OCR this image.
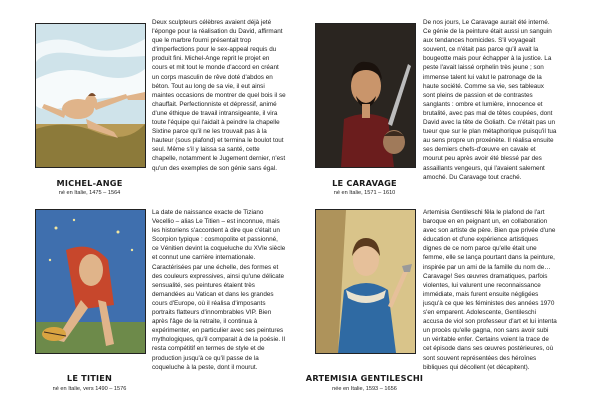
MICHEL-ANGE
né en Italie, 1475 – 1564

Deux sculpteurs célèbres avaient déjà jeté l'éponge pour la réalisation du David, affirmant que le marbre fourni présentait trop d'imperfections pour le sex-appeal requis du produit fini. Michel-Ange reprit le projet en cours et mit tout le monde d'accord en créant un corps masculin de rêve doté d'abdos en béton. Tout au long de sa vie, il eut ainsi maintes occasions de montrer de quel bois il se chauffait. Perfectionniste et dépressif, animé d'une éthique de travail intransigeante, il vira toute l'équipe qui l'aidait à peindre la chapelle Sixtine parce qu'il ne les trouvait pas à la hauteur (sous plafond) et termina le boulot tout seul. Même s'il y laissa sa santé, cette chapelle, notamment le Jugement dernier, n'est qu'un des exemples de son génie sans égal.

LE CARAVAGE
né en Italie, 1571 – 1610

De nos jours, Le Caravage aurait été interné. Ce génie de la peinture était aussi un sanguin aux tendances homicides. S'il voyageait souvent, ce n'était pas parce qu'il avait la bougeotte mais pour échapper à la justice. La peste l'avait laissé orphelin très jeune ; son immense talent lui valut le patronage de la haute société. Comme sa vie, ses tableaux sont pleins de passion et de contrastes sanglants : ombre et lumière, innocence et brutalité, avec pas mal de têtes coupées, dont David avec la tête de Goliath. Ce n'était pas un tueur que sur le plan métaphorique puisqu'il tua au sens propre un proxénète. Il réalisa ensuite ses derniers chefs-d'œuvre en cavale et mourut peu après avoir été blessé par des assaillants vengeurs, qui l'avaient salement amoché. Du Caravage tout craché.

LE TITIEN
né en Italie, vers 1490 – 1576

La date de naissance exacte de Tiziano Vecellio – alias Le Titien – est inconnue, mais les historiens s'accordent à dire que c'était un Scorpion typique : cosmopolite et passionné, ce Vénitien devint la coqueluche du XVIe siècle et connut une carrière internationale. Caractérisées par une échelle, des formes et des couleurs expressives, ainsi qu'une délicate sensualité, ses peintures étaient très demandées au Vatican et dans les grandes cours d'Europe, où il réalisa d'imposants portraits flatteurs d'innombrables VIP. Bien après l'âge de la retraite, il continua à expérimenter, en particulier avec ses peintures mythologiques, qu'il comparait à de la poésie. Il resta compétitif en termes de style et de production jusqu'à ce qu'il passe de la coqueluche à la peste, dont il mourut.

ARTEMISIA GENTILESCHI
née en Italie, 1593 – 1656

Artemisia Gentileschi fêla le plafond de l'art baroque en en peignant un, en collaboration avec son artiste de père. Bien que privée d'une éducation et d'une expérience artistiques dignes de ce nom parce qu'elle était une femme, elle se lança pourtant dans la peinture, inspirée par un ami de la famille du nom de… Caravage! Ses œuvres dramatiques, parfois violentes, lui valurent une reconnaissance immédiate, mais furent ensuite négligées jusqu'à ce que les féministes des années 1970 s'en emparent. Adolescente, Gentileschi accusa de viol son professeur d'art et lui intenta un procès qu'elle gagna, non sans avoir subi un véritable enfer. Certains voient la trace de cet épisode dans ses œuvres postérieures, où sont souvent représentées des héroïnes bibliques qui décollent (et décapitent).
